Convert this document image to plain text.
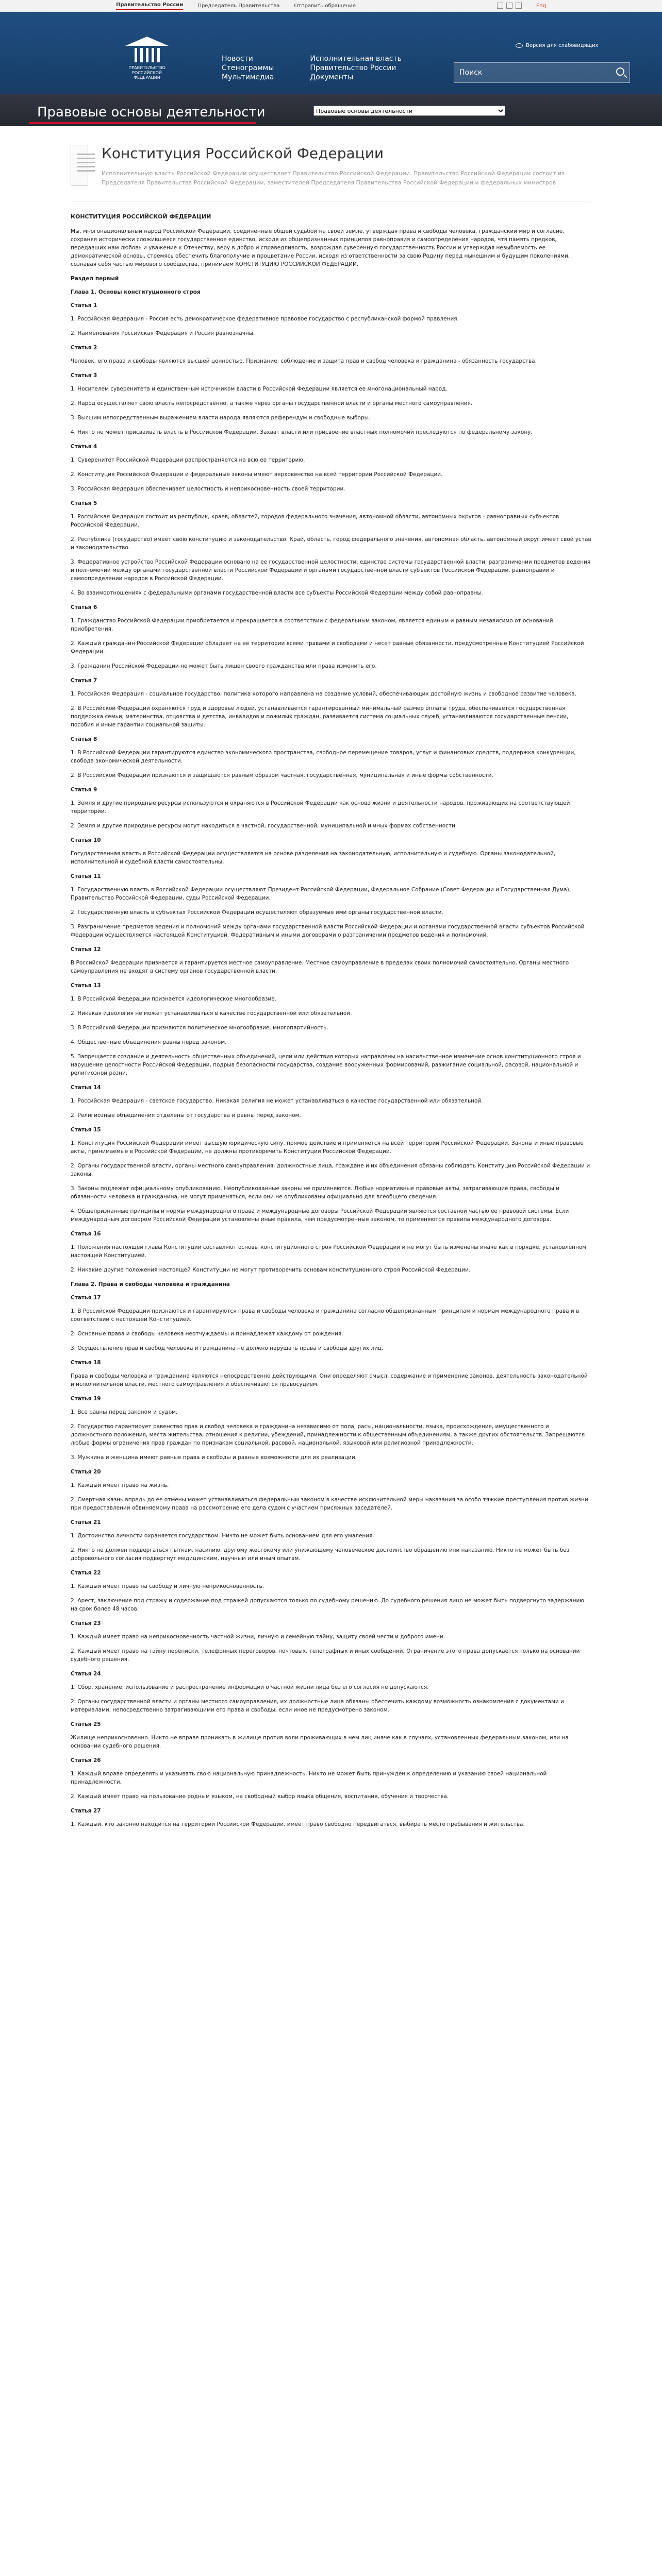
Правительство России	Председатель Правительства	Отправить обращение	Eng
ПРАВИТЕЛЬСТВО РОССИЙСКОЙ ФЕДЕРАЦИИ
Версия для слабовидящих
Новости
Стенограммы
Мультимедиа
Исполнительная власть
Правительство России
Документы
Поиск
Правовые основы деятельности
Правовые основы деятельности
Конституция Российской Федерации
Исполнительную власть Российской Федерации осуществляет Правительство Российской Федерации. Правительство Российской Федерации состоит из Председателя Правительства Российской Федерации, заместителей Председателя Правительства Российской Федерации и федеральных министров
КОНСТИТУЦИЯ РОССИЙСКОЙ ФЕДЕРАЦИИ

Мы, многонациональный народ Российской Федерации, соединенные общей судьбой на своей земле, утверждая права и свободы человека, гражданский мир и согласие, сохраняя исторически сложившееся государственное единство, исходя из общепризнанных принципов равноправия и самоопределения народов, чтя память предков, передавших нам любовь и уважение к Отечеству, веру в добро и справедливость, возрождая суверенную государственность России и утверждая незыблемость ее демократической основы, стремясь обеспечить благополучие и процветание России, исходя из ответственности за свою Родину перед нынешним и будущим поколениями, сознавая себя частью мирового сообщества, принимаем КОНСТИТУЦИЮ РОССИЙСКОЙ ФЕДЕРАЦИИ.

Раздел первый

Глава 1. Основы конституционного строя

Статья 1

1. Российская Федерация - Россия есть демократическое федеративное правовое государство с республиканской формой правления.

2. Наименования Российская Федерация и Россия равнозначны.

Статья 2

Человек, его права и свободы являются высшей ценностью. Признание, соблюдение и защита прав и свобод человека и гражданина - обязанность государства.

Статья 3

1. Носителем суверенитета и единственным источником власти в Российской Федерации является ее многонациональный народ.

2. Народ осуществляет свою власть непосредственно, а также через органы государственной власти и органы местного самоуправления.

3. Высшим непосредственным выражением власти народа являются референдум и свободные выборы.

4. Никто не может присваивать власть в Российской Федерации. Захват власти или присвоение властных полномочий преследуются по федеральному закону.

Статья 4

1. Суверенитет Российской Федерации распространяется на всю ее территорию.

2. Конституция Российской Федерации и федеральные законы имеют верховенство на всей территории Российской Федерации.

3. Российская Федерация обеспечивает целостность и неприкосновенность своей территории.

Статья 5

1. Российская Федерация состоит из республик, краев, областей, городов федерального значения, автономной области, автономных округов - равноправных субъектов Российской Федерации.

2. Республика (государство) имеет свою конституцию и законодательство. Край, область, город федерального значения, автономная область, автономный округ имеет свой устав и законодательство.

3. Федеративное устройство Российской Федерации основано на ее государственной целостности, единстве системы государственной власти, разграничении предметов ведения и полномочий между органами государственной власти Российской Федерации и органами государственной власти субъектов Российской Федерации, равноправии и самоопределении народов в Российской Федерации.

4. Во взаимоотношениях с федеральными органами государственной власти все субъекты Российской Федерации между собой равноправны.

Статья 6

1. Гражданство Российской Федерации приобретается и прекращается в соответствии с федеральным законом, является единым и равным независимо от оснований приобретения.

2. Каждый гражданин Российской Федерации обладает на ее территории всеми правами и свободами и несет равные обязанности, предусмотренные Конституцией Российской Федерации.

3. Гражданин Российской Федерации не может быть лишен своего гражданства или права изменить его.

Статья 7

1. Российская Федерация - социальное государство, политика которого направлена на создание условий, обеспечивающих достойную жизнь и свободное развитие человека.

2. В Российской Федерации охраняются труд и здоровье людей, устанавливается гарантированный минимальный размер оплаты труда, обеспечивается государственная поддержка семьи, материнства, отцовства и детства, инвалидов и пожилых граждан, развивается система социальных служб, устанавливаются государственные пенсии, пособия и иные гарантии социальной защиты.

Статья 8

1. В Российской Федерации гарантируются единство экономического пространства, свободное перемещение товаров, услуг и финансовых средств, поддержка конкуренции, свобода экономической деятельности.

2. В Российской Федерации признаются и защищаются равным образом частная, государственная, муниципальная и иные формы собственности.

Статья 9

1. Земля и другие природные ресурсы используются и охраняются в Российской Федерации как основа жизни и деятельности народов, проживающих на соответствующей территории.

2. Земля и другие природные ресурсы могут находиться в частной, государственной, муниципальной и иных формах собственности.

Статья 10

Государственная власть в Российской Федерации осуществляется на основе разделения на законодательную, исполнительную и судебную. Органы законодательной, исполнительной и судебной власти самостоятельны.

Статья 11

1. Государственную власть в Российской Федерации осуществляют Президент Российской Федерации, Федеральное Собрание (Совет Федерации и Государственная Дума), Правительство Российской Федерации, суды Российской Федерации.

2. Государственную власть в субъектах Российской Федерации осуществляют образуемые ими органы государственной власти.

3. Разграничение предметов ведения и полномочий между органами государственной власти Российской Федерации и органами государственной власти субъектов Российской Федерации осуществляется настоящей Конституцией, Федеративным и иными договорами о разграничении предметов ведения и полномочий.

Статья 12

В Российской Федерации признается и гарантируется местное самоуправление. Местное самоуправление в пределах своих полномочий самостоятельно. Органы местного самоуправления не входят в систему органов государственной власти.

Статья 13

1. В Российской Федерации признается идеологическое многообразие.

2. Никакая идеология не может устанавливаться в качестве государственной или обязательной.

3. В Российской Федерации признаются политическое многообразие, многопартийность.

4. Общественные объединения равны перед законом.

5. Запрещается создание и деятельность общественных объединений, цели или действия которых направлены на насильственное изменение основ конституционного строя и нарушение целостности Российской Федерации, подрыв безопасности государства, создание вооруженных формирований, разжигание социальной, расовой, национальной и религиозной розни.

Статья 14

1. Российская Федерация - светское государство. Никакая религия не может устанавливаться в качестве государственной или обязательной.

2. Религиозные объединения отделены от государства и равны перед законом.

Статья 15

1. Конституция Российской Федерации имеет высшую юридическую силу, прямое действие и применяется на всей территории Российской Федерации. Законы и иные правовые акты, принимаемые в Российской Федерации, не должны противоречить Конституции Российской Федерации.

2. Органы государственной власти, органы местного самоуправления, должностные лица, граждане и их объединения обязаны соблюдать Конституцию Российской Федерации и законы.

3. Законы подлежат официальному опубликованию. Неопубликованные законы не применяются. Любые нормативные правовые акты, затрагивающие права, свободы и обязанности человека и гражданина, не могут применяться, если они не опубликованы официально для всеобщего сведения.

4. Общепризнанные принципы и нормы международного права и международные договоры Российской Федерации являются составной частью ее правовой системы. Если международным договором Российской Федерации установлены иные правила, чем предусмотренные законом, то применяются правила международного договора.

Статья 16

1. Положения настоящей главы Конституции составляют основы конституционного строя Российской Федерации и не могут быть изменены иначе как в порядке, установленном настоящей Конституцией.

2. Никакие другие положения настоящей Конституции не могут противоречить основам конституционного строя Российской Федерации.

Глава 2. Права и свободы человека и гражданина

Статья 17

1. В Российской Федерации признаются и гарантируются права и свободы человека и гражданина согласно общепризнанным принципам и нормам международного права и в соответствии с настоящей Конституцией.

2. Основные права и свободы человека неотчуждаемы и принадлежат каждому от рождения.

3. Осуществление прав и свобод человека и гражданина не должно нарушать права и свободы других лиц.

Статья 18

Права и свободы человека и гражданина являются непосредственно действующими. Они определяют смысл, содержание и применение законов, деятельность законодательной и исполнительной власти, местного самоуправления и обеспечиваются правосудием.

Статья 19

1. Все равны перед законом и судом.

2. Государство гарантирует равенство прав и свобод человека и гражданина независимо от пола, расы, национальности, языка, происхождения, имущественного и должностного положения, места жительства, отношения к религии, убеждений, принадлежности к общественным объединениям, а также других обстоятельств. Запрещаются любые формы ограничения прав граждан по признакам социальной, расовой, национальной, языковой или религиозной принадлежности.

3. Мужчина и женщина имеют равные права и свободы и равные возможности для их реализации.

Статья 20

1. Каждый имеет право на жизнь.

2. Смертная казнь впредь до ее отмены может устанавливаться федеральным законом в качестве исключительной меры наказания за особо тяжкие преступления против жизни при предоставлении обвиняемому права на рассмотрение его дела судом с участием присяжных заседателей.

Статья 21

1. Достоинство личности охраняется государством. Ничто не может быть основанием для его умаления.

2. Никто не должен подвергаться пыткам, насилию, другому жестокому или унижающему человеческое достоинство обращению или наказанию. Никто не может быть без добровольного согласия подвергнут медицинским, научным или иным опытам.

Статья 22

1. Каждый имеет право на свободу и личную неприкосновенность.

2. Арест, заключение под стражу и содержание под стражей допускаются только по судебному решению. До судебного решения лицо не может быть подвергнуто задержанию на срок более 48 часов.

Статья 23

1. Каждый имеет право на неприкосновенность частной жизни, личную и семейную тайну, защиту своей чести и доброго имени.

2. Каждый имеет право на тайну переписки, телефонных переговоров, почтовых, телеграфных и иных сообщений. Ограничение этого права допускается только на основании судебного решения.

Статья 24

1. Сбор, хранение, использование и распространение информации о частной жизни лица без его согласия не допускаются.

2. Органы государственной власти и органы местного самоуправления, их должностные лица обязаны обеспечить каждому возможность ознакомления с документами и материалами, непосредственно затрагивающими его права и свободы, если иное не предусмотрено законом.

Статья 25

Жилище неприкосновенно. Никто не вправе проникать в жилище против воли проживающих в нем лиц иначе как в случаях, установленных федеральным законом, или на основании судебного решения.

Статья 26

1. Каждый вправе определять и указывать свою национальную принадлежность. Никто не может быть принужден к определению и указанию своей национальной принадлежности.

2. Каждый имеет право на пользование родным языком, на свободный выбор языка общения, воспитания, обучения и творчества.

Статья 27

1. Каждый, кто законно находится на территории Российской Федерации, имеет право свободно передвигаться, выбирать место пребывания и жительства.
